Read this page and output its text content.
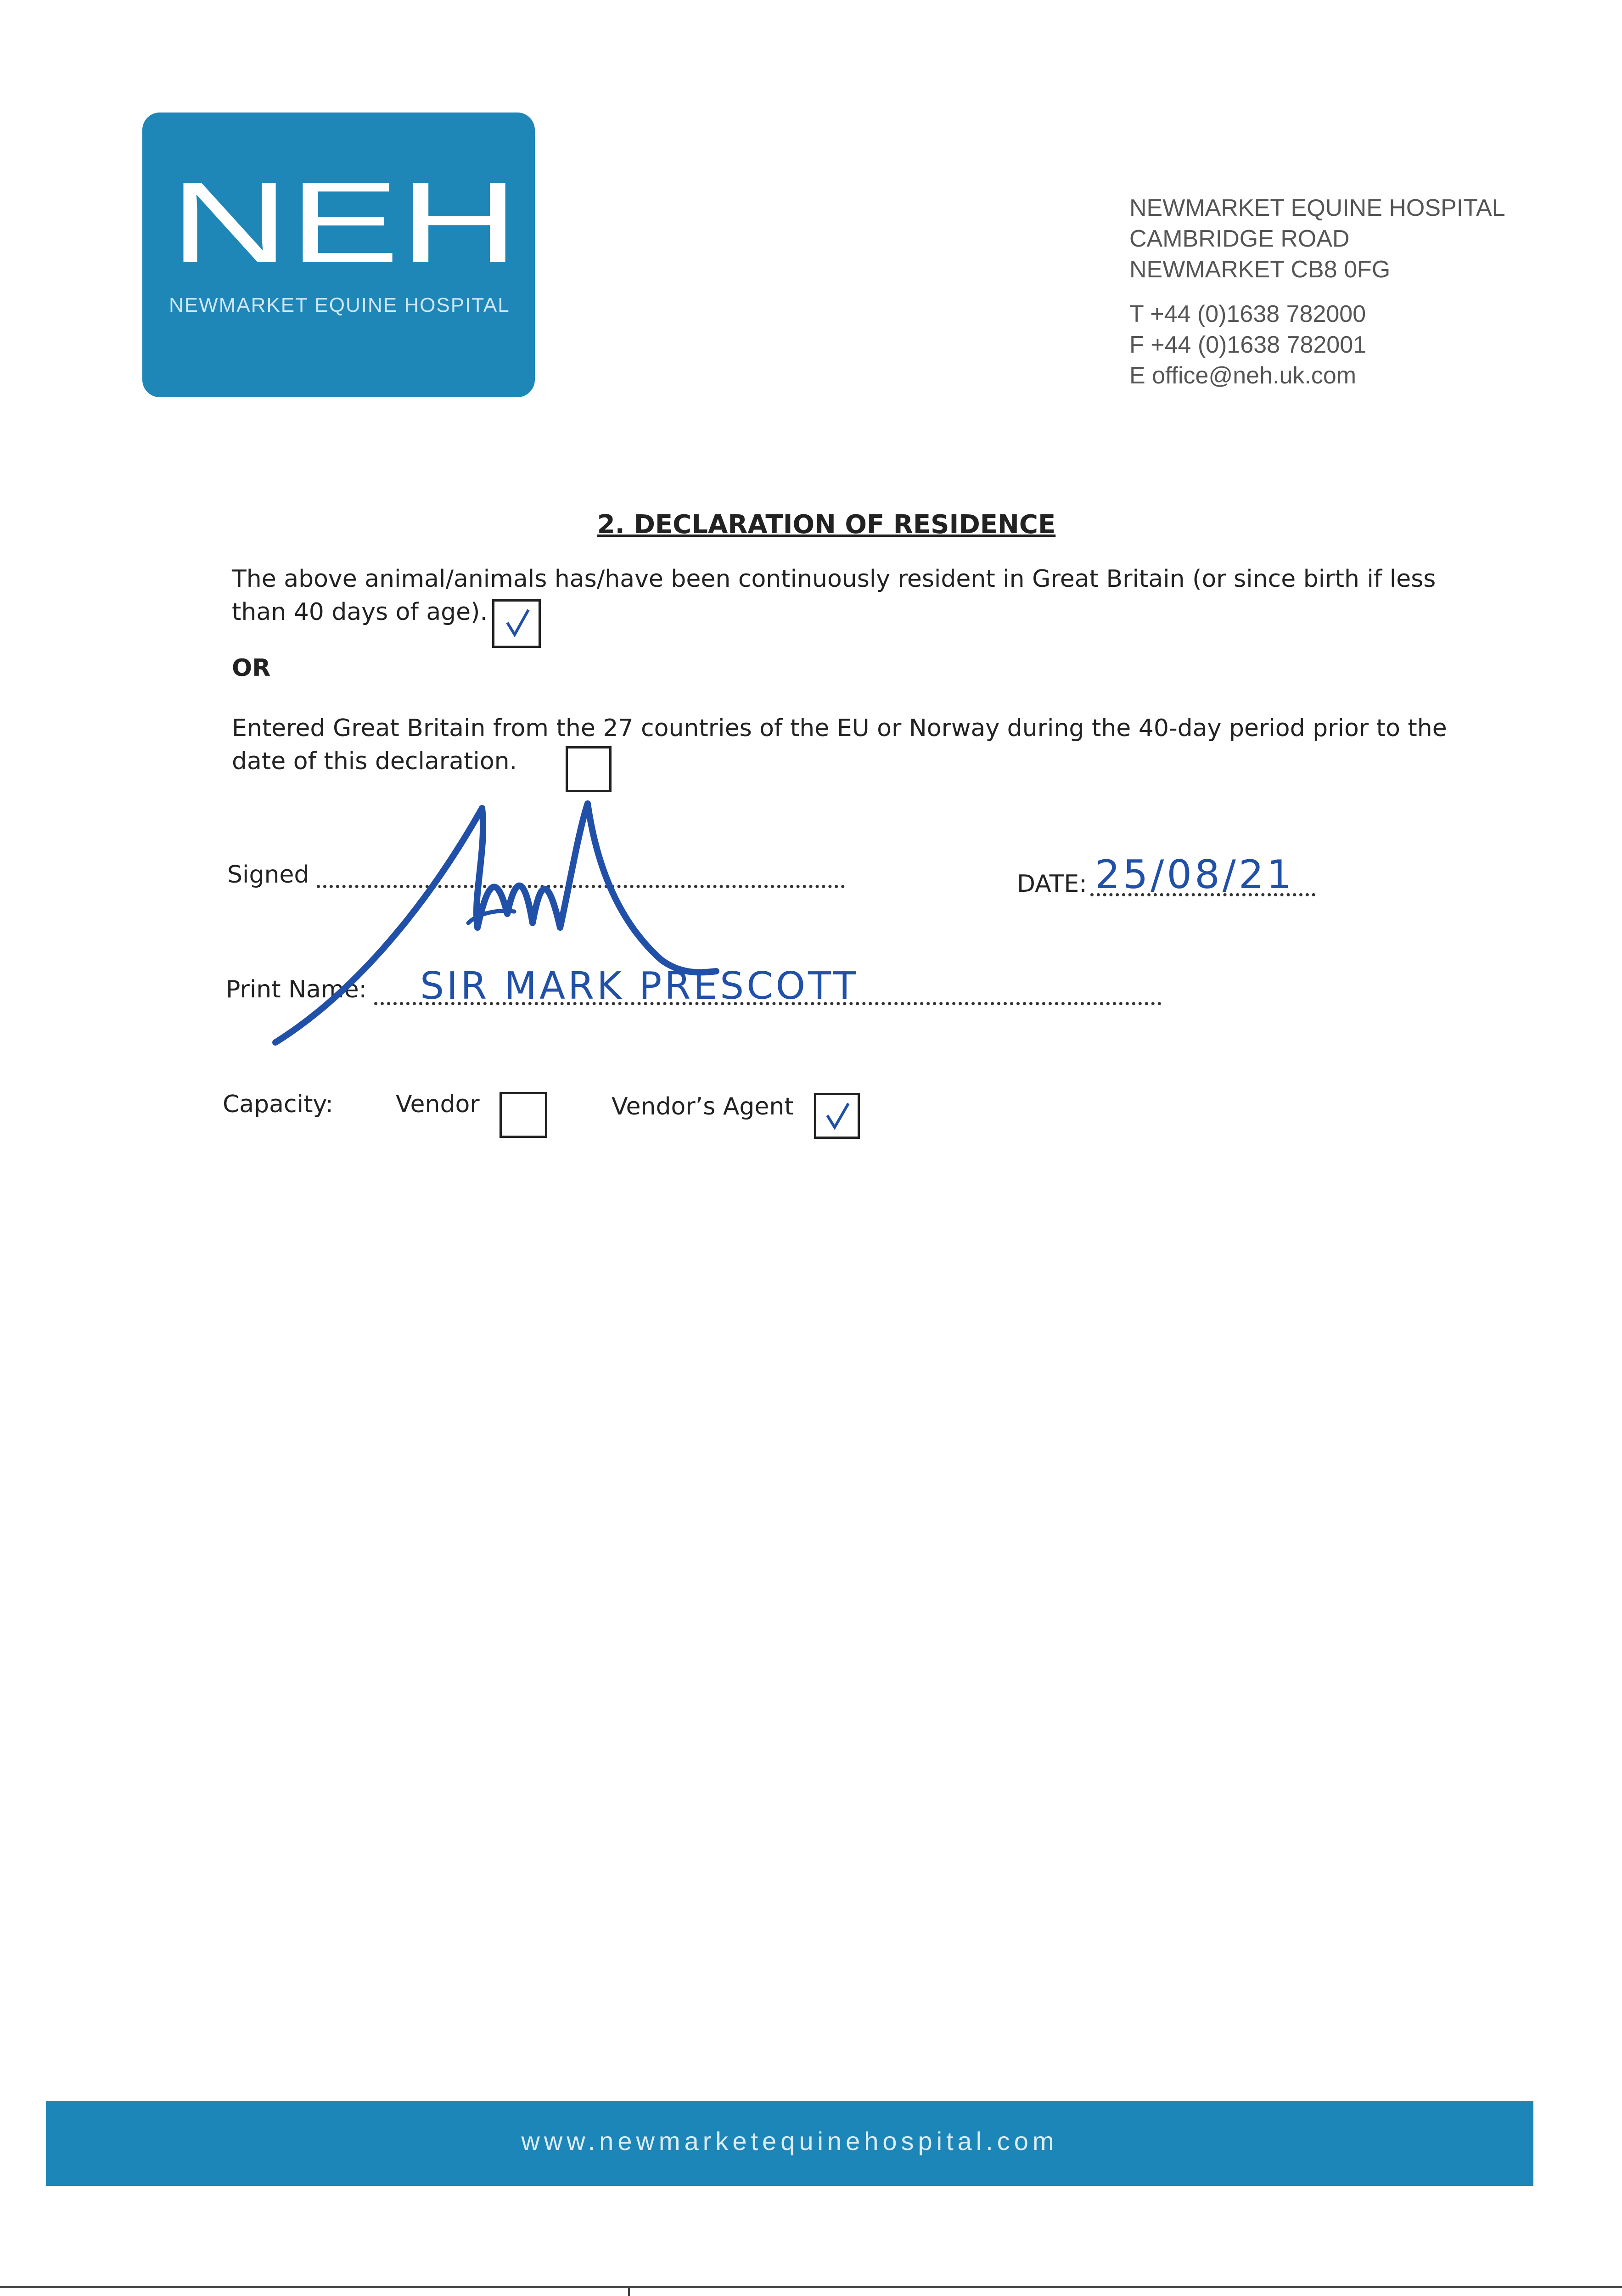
NEH
NEWMARKET EQUINE HOSPITAL
NEWMARKET EQUINE HOSPITAL
CAMBRIDGE ROAD
NEWMARKET CB8 0FG
T +44 (0)1638 782000
F +44 (0)1638 782001
E office@neh.uk.com
2. DECLARATION OF RESIDENCE
The above animal/animals has/have been continuously resident in Great Britain (or since birth if less than 40 days of age).
OR
Entered Great Britain from the 27 countries of the EU or Norway during the 40-day period prior to the date of this declaration.
Signed	DATE: 25/08/21
Print Name: SIR MARK PRESCOTT
Capacity:	Vendor	Vendor’s Agent
www.newmarketequinehospital.com
